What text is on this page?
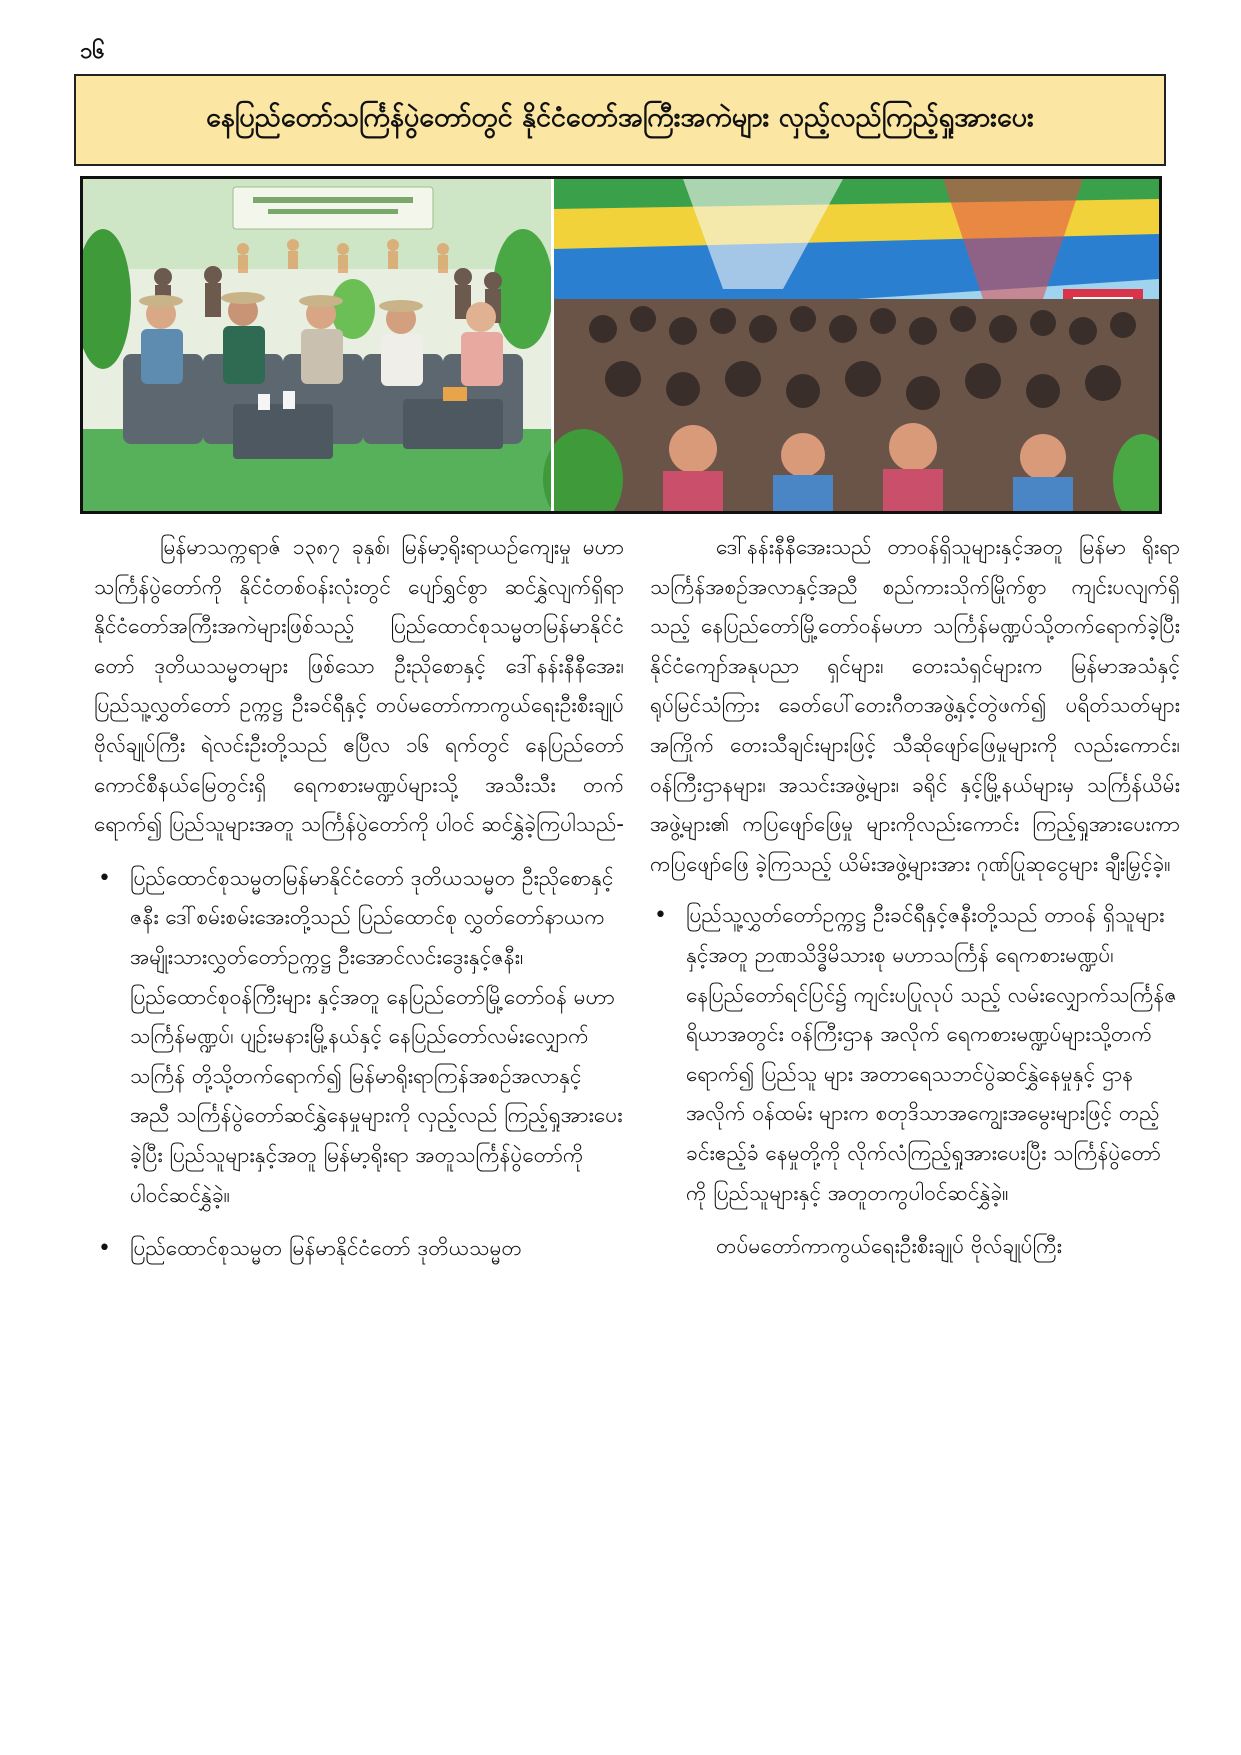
၁၆
နေပြည်တော်သင်္ကြန်ပွဲတော်တွင် နိုင်ငံတော်အကြီးအကဲများ လှည့်လည်ကြည့်ရှုအားပေး

မြန်မာသက္ကရာဇ် ၁၃၈၇ ခုနှစ်၊ မြန်မာ့ရိုးရာယဉ်ကျေးမှု မဟာသင်္ကြန်ပွဲတော်ကို နိုင်ငံတစ်ဝန်းလုံးတွင် ပျော်ရွှင်စွာ ဆင်နွှဲလျက်ရှိရာ နိုင်ငံတော်အကြီးအကဲများဖြစ်သည့် ပြည်ထောင်စုသမ္မတမြန်မာနိုင်ငံတော် ဒုတိယသမ္မတများ ဖြစ်သော ဦးညိုစောနှင့် ဒေါ်နန်းနီနီအေး၊ ပြည်သူ့လွှတ်တော် ဥက္ကဋ္ဌ ဦးခင်ရီနှင့် တပ်မတော်ကာကွယ်ရေးဦးစီးချုပ် ဗိုလ်ချုပ်ကြီး ရဲလင်းဦးတို့သည် ဧပြီလ ၁၆ ရက်တွင် နေပြည်တော် ကောင်စီနယ်မြေတွင်းရှိ ရေကစားမဏ္ဍပ်များသို့ အသီးသီး တက်ရောက်၍ ပြည်သူများအတူ သင်္ကြန်ပွဲတော်ကို ပါဝင် ဆင်နွှဲခဲ့ကြပါသည်-

• ပြည်ထောင်စုသမ္မတမြန်မာနိုင်ငံတော် ဒုတိယသမ္မတ ဦးညိုစောနှင့်ဇနီး ဒေါ်စမ်းစမ်းအေးတို့သည် ပြည်ထောင်စု လွှတ်တော်နာယက အမျိုးသားလွှတ်တော်ဥက္ကဋ္ဌ ဦးအောင်လင်းဒွေးနှင့်ဇနီး၊ ပြည်ထောင်စုဝန်ကြီးများ နှင့်အတူ နေပြည်တော်မြို့တော်ဝန် မဟာသင်္ကြန်မဏ္ဍပ်၊ ပျဉ်းမနားမြို့နယ်နှင့် နေပြည်တော်လမ်းလျှောက်သင်္ကြန် တို့သို့တက်ရောက်၍ မြန်မာရိုးရာကြန်အစဉ်အလာနှင့် အညီ သင်္ကြန်ပွဲတော်ဆင်နွှဲနေမှုများကို လှည့်လည် ကြည့်ရှုအားပေးခဲ့ပြီး ပြည်သူများနှင့်အတူ မြန်မာ့ရိုးရာ အတူသင်္ကြန်ပွဲတော်ကို ပါဝင်ဆင်နွှဲခဲ့။
• ပြည်ထောင်စုသမ္မတ မြန်မာနိုင်ငံတော် ဒုတိယသမ္မတ

ဒေါ်နန်းနီနီအေးသည် တာဝန်ရှိသူများနှင့်အတူ မြန်မာ ရိုးရာသင်္ကြန်အစဉ်အလာနှင့်အညီ စည်ကားသိုက်မြိုက်စွာ ကျင်းပလျက်ရှိသည့် နေပြည်တော်မြို့တော်ဝန်မဟာ သင်္ကြန်မဏ္ဍပ်သို့တက်ရောက်ခဲ့ပြီး နိုင်ငံကျော်အနုပညာ ရှင်များ၊ တေးသံရှင်များက မြန်မာအသံနှင့်ရုပ်မြင်သံကြား ခေတ်ပေါ်တေးဂီတအဖွဲ့နှင့်တွဲဖက်၍ ပရိတ်သတ်များ အကြိုက် တေးသီချင်းများဖြင့် သီဆိုဖျော်ဖြေမှုများကို လည်းကောင်း၊ ဝန်ကြီးဌာနများ၊ အသင်းအဖွဲ့များ၊ ခရိုင် နှင့်မြို့နယ်များမှ သင်္ကြန်ယိမ်းအဖွဲ့များ၏ ကပြဖျော်ဖြေမှု များကိုလည်းကောင်း ကြည့်ရှုအားပေးကာ ကပြဖျော်ဖြေ ခဲ့ကြသည့် ယိမ်းအဖွဲ့များအား ဂုဏ်ပြုဆုငွေများ ချီးမြှင့်ခဲ့။

• ပြည်သူ့လွှတ်တော်ဥက္ကဋ္ဌ ဦးခင်ရီနှင့်ဇနီးတို့သည် တာဝန် ရှိသူများနှင့်အတူ ဉာဏသိဒ္ဓိမိသားစု မဟာသင်္ကြန် ရေကစားမဏ္ဍပ်၊ နေပြည်တော်ရင်ပြင်၌ ကျင်းပပြုလုပ် သည့် လမ်းလျှောက်သင်္ကြန်ဇရိယာအတွင်း ဝန်ကြီးဌာန အလိုက် ရေကစားမဏ္ဍပ်များသို့တက်ရောက်၍ ပြည်သူ များ အတာရေသဘင်ပွဲဆင်နွှဲနေမှုနှင့် ဌာနအလိုက် ဝန်ထမ်း များက စတုဒိသာအကျွေးအမွေးများဖြင့် တည့်ခင်းဧည့်ခံ နေမှုတို့ကို လိုက်လံကြည့်ရှုအားပေးပြီး သင်္ကြန်ပွဲတော်ကို ပြည်သူများနှင့် အတူတကွပါဝင်ဆင်နွှဲခဲ့။

တပ်မတော်ကာကွယ်ရေးဦးစီးချုပ် ဗိုလ်ချုပ်ကြီး
